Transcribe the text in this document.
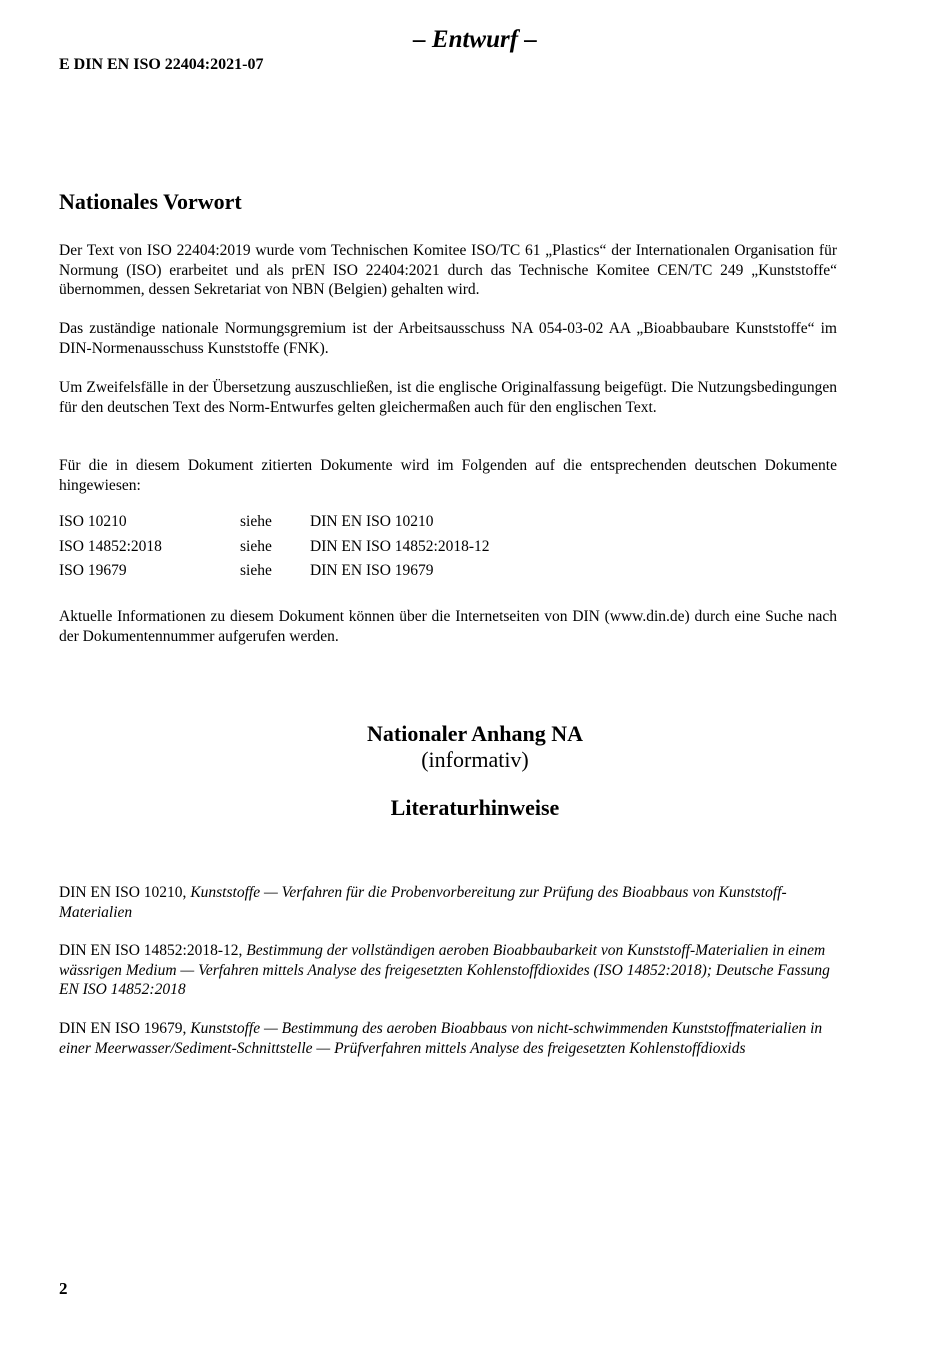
– Entwurf –
E DIN EN ISO 22404:2021-07
Nationales Vorwort
Der Text von ISO 22404:2019 wurde vom Technischen Komitee ISO/TC 61 „Plastics“ der Internationalen Organisation für Normung (ISO) erarbeitet und als prEN ISO 22404:2021 durch das Technische Komitee CEN/TC 249 „Kunststoffe“ übernommen, dessen Sekretariat von NBN (Belgien) gehalten wird.
Das zuständige nationale Normungsgremium ist der Arbeitsausschuss NA 054-03-02 AA „Bioabbaubare Kunststoffe“ im DIN-Normenausschuss Kunststoffe (FNK).
Um Zweifelsfälle in der Übersetzung auszuschließen, ist die englische Originalfassung beigefügt. Die Nutzungsbedingungen für den deutschen Text des Norm-Entwurfes gelten gleichermaßen auch für den englischen Text.
Für die in diesem Dokument zitierten Dokumente wird im Folgenden auf die entsprechenden deutschen Dokumente hingewiesen:
ISO 10210	siehe DIN EN ISO 10210
ISO 14852:2018	siehe DIN EN ISO 14852:2018-12
ISO 19679	siehe DIN EN ISO 19679
Aktuelle Informationen zu diesem Dokument können über die Internetseiten von DIN (www.din.de) durch eine Suche nach der Dokumentennummer aufgerufen werden.
Nationaler Anhang NA
(informativ)
Literaturhinweise
DIN EN ISO 10210, Kunststoffe — Verfahren für die Probenvorbereitung zur Prüfung des Bioabbaus von Kunststoff-Materialien
DIN EN ISO 14852:2018-12, Bestimmung der vollständigen aeroben Bioabbaubarkeit von Kunststoff-Materialien in einem wässrigen Medium — Verfahren mittels Analyse des freigesetzten Kohlenstoffdioxides (ISO 14852:2018); Deutsche Fassung EN ISO 14852:2018
DIN EN ISO 19679, Kunststoffe — Bestimmung des aeroben Bioabbaus von nicht-schwimmenden Kunststoffmaterialien in einer Meerwasser/Sediment-Schnittstelle — Prüfverfahren mittels Analyse des freigesetzten Kohlenstoffdioxids
2
